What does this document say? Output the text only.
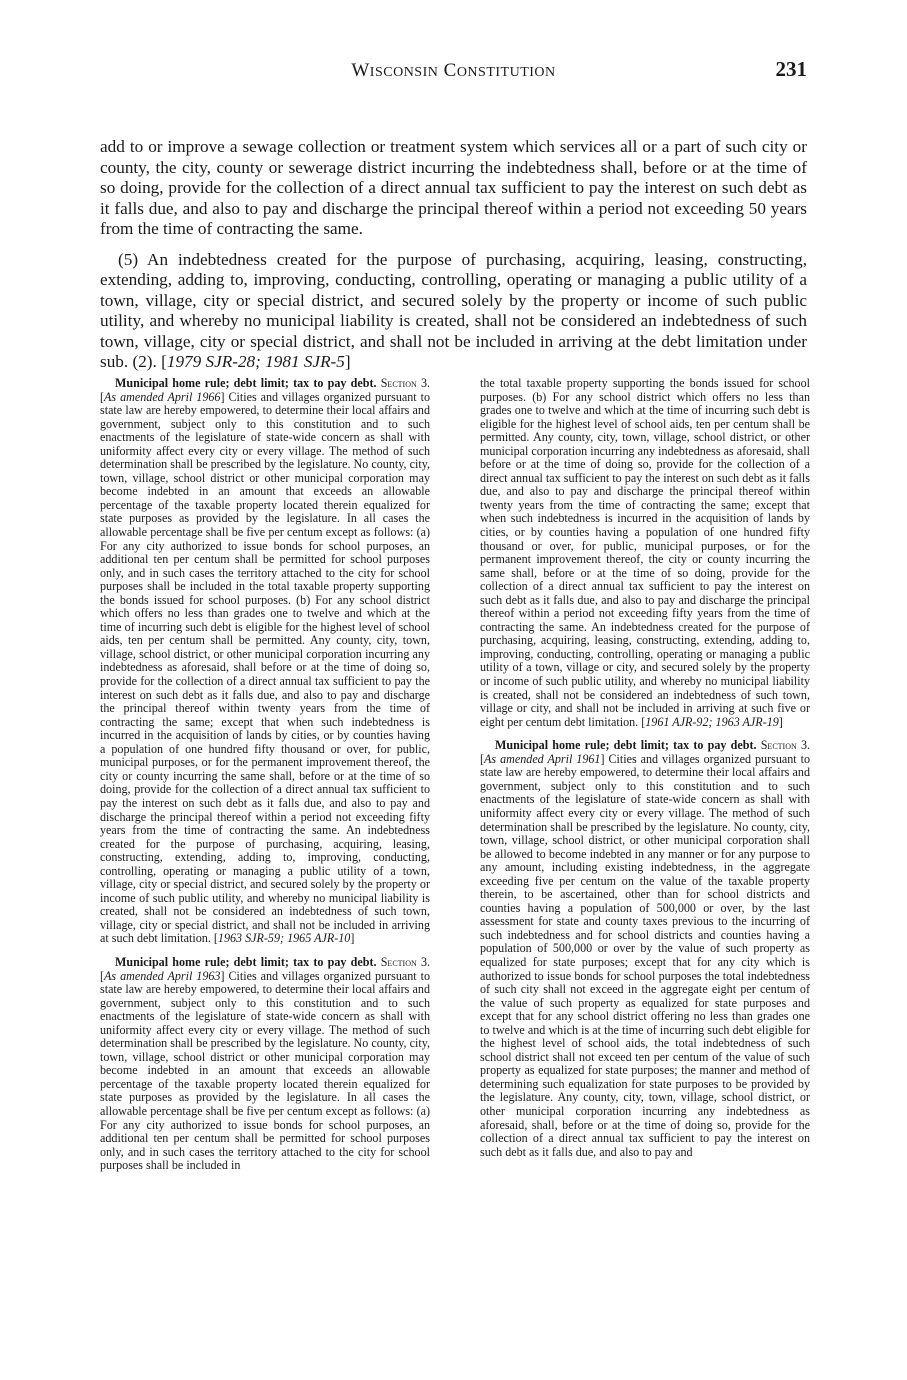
WISCONSIN CONSTITUTION	231

add to or improve a sewage collection or treatment system which services all or a part of such city or county, the city, county or sewerage district incurring the indebtedness shall, before or at the time of so doing, provide for the collection of a direct annual tax sufficient to pay the interest on such debt as it falls due, and also to pay and discharge the principal thereof within a period not exceeding 50 years from the time of contracting the same.

(5) An indebtedness created for the purpose of purchasing, acquiring, leasing, constructing, extending, adding to, improving, conducting, controlling, operating or managing a public utility of a town, village, city or special district, and secured solely by the property or income of such public utility, and whereby no municipal liability is created, shall not be considered an indebtedness of such town, village, city or special district, and shall not be included in arriving at the debt limitation under sub. (2). [1979 SJR-28; 1981 SJR-5]

Municipal home rule; debt limit; tax to pay debt. Section 3. [As amended April 1966] Cities and villages organized pursuant to state law are hereby empowered, to determine their local affairs and government, subject only to this constitution and to such enactments of the legislature of state‑wide concern as shall with uniformity affect every city or every village. The method of such determination shall be prescribed by the legislature. No county, city, town, village, school district or other municipal corporation may become indebted in an amount that exceeds an allowable percentage of the taxable property located therein equalized for state purposes as provided by the legislature. In all cases the allowable percentage shall be five per centum except as follows: (a) For any city authorized to issue bonds for school purposes, an additional ten per centum shall be permitted for school purposes only, and in such cases the territory attached to the city for school purposes shall be included in the total taxable property supporting the bonds issued for school purposes. (b) For any school district which offers no less than grades one to twelve and which at the time of incurring such debt is eligible for the highest level of school aids, ten per centum shall be permitted. Any county, city, town, village, school district, or other municipal corporation incurring any indebtedness as aforesaid, shall before or at the time of doing so, provide for the collection of a direct annual tax sufficient to pay the interest on such debt as it falls due, and also to pay and discharge the principal thereof within twenty years from the time of contracting the same; except that when such indebtedness is incurred in the acquisition of lands by cities, or by counties having a population of one hundred fifty thousand or over, for public, municipal purposes, or for the permanent improvement thereof, the city or county incurring the same shall, before or at the time of so doing, provide for the collection of a direct annual tax sufficient to pay the interest on such debt as it falls due, and also to pay and discharge the principal thereof within a period not exceeding fifty years from the time of contracting the same. An indebtedness created for the purpose of purchasing, acquiring, leasing, constructing, extending, adding to, improving, conducting, controlling, operating or managing a public utility of a town, village, city or special district, and secured solely by the property or income of such public utility, and whereby no municipal liability is created, shall not be considered an indebtedness of such town, village, city or special district, and shall not be included in arriving at such debt limitation. [1963 SJR-59; 1965 AJR-10]

Municipal home rule; debt limit; tax to pay debt. Section 3. [As amended April 1963] Cities and villages organized pursuant to state law are hereby empowered, to determine their local affairs and government, subject only to this constitution and to such enactments of the legislature of state‑wide concern as shall with uniformity affect every city or every village. The method of such determination shall be prescribed by the legislature. No county, city, town, village, school district or other municipal corporation may become indebted in an amount that exceeds an allowable percentage of the taxable property located therein equalized for state purposes as provided by the legislature. In all cases the allowable percentage shall be five per centum except as follows: (a) For any city authorized to issue bonds for school purposes, an additional ten per centum shall be permitted for school purposes only, and in such cases the territory attached to the city for school purposes shall be included in

the total taxable property supporting the bonds issued for school purposes. (b) For any school district which offers no less than grades one to twelve and which at the time of incurring such debt is eligible for the highest level of school aids, ten per centum shall be permitted. Any county, city, town, village, school district, or other municipal corporation incurring any indebtedness as aforesaid, shall before or at the time of doing so, provide for the collection of a direct annual tax sufficient to pay the interest on such debt as it falls due, and also to pay and discharge the principal thereof within twenty years from the time of contracting the same; except that when such indebtedness is incurred in the acquisition of lands by cities, or by counties having a population of one hundred fifty thousand or over, for public, municipal purposes, or for the permanent improvement thereof, the city or county incurring the same shall, before or at the time of so doing, provide for the collection of a direct annual tax sufficient to pay the interest on such debt as it falls due, and also to pay and discharge the principal thereof within a period not exceeding fifty years from the time of contracting the same. An indebtedness created for the purpose of purchasing, acquiring, leasing, constructing, extending, adding to, improving, conducting, controlling, operating or managing a public utility of a town, village or city, and secured solely by the property or income of such public utility, and whereby no municipal liability is created, shall not be considered an indebtedness of such town, village or city, and shall not be included in arriving at such five or eight per centum debt limitation. [1961 AJR-92; 1963 AJR-19]

Municipal home rule; debt limit; tax to pay debt. Section 3. [As amended April 1961] Cities and villages organized pursuant to state law are hereby empowered, to determine their local affairs and government, subject only to this constitution and to such enactments of the legislature of state‑wide concern as shall with uniformity affect every city or every village. The method of such determination shall be prescribed by the legislature. No county, city, town, village, school district, or other municipal corporation shall be allowed to become indebted in any manner or for any purpose to any amount, including existing indebtedness, in the aggregate exceeding five per centum on the value of the taxable property therein, to be ascertained, other than for school districts and counties having a population of 500,000 or over, by the last assessment for state and county taxes previous to the incurring of such indebtedness and for school districts and counties having a population of 500,000 or over by the value of such property as equalized for state purposes; except that for any city which is authorized to issue bonds for school purposes the total indebtedness of such city shall not exceed in the aggregate eight per centum of the value of such property as equalized for state purposes and except that for any school district offering no less than grades one to twelve and which is at the time of incurring such debt eligible for the highest level of school aids, the total indebtedness of such school district shall not exceed ten per centum of the value of such property as equalized for state purposes; the manner and method of determining such equalization for state purposes to be provided by the legislature. Any county, city, town, village, school district, or other municipal corporation incurring any indebtedness as aforesaid, shall, before or at the time of doing so, provide for the collection of a direct annual tax sufficient to pay the interest on such debt as it falls due, and also to pay and
